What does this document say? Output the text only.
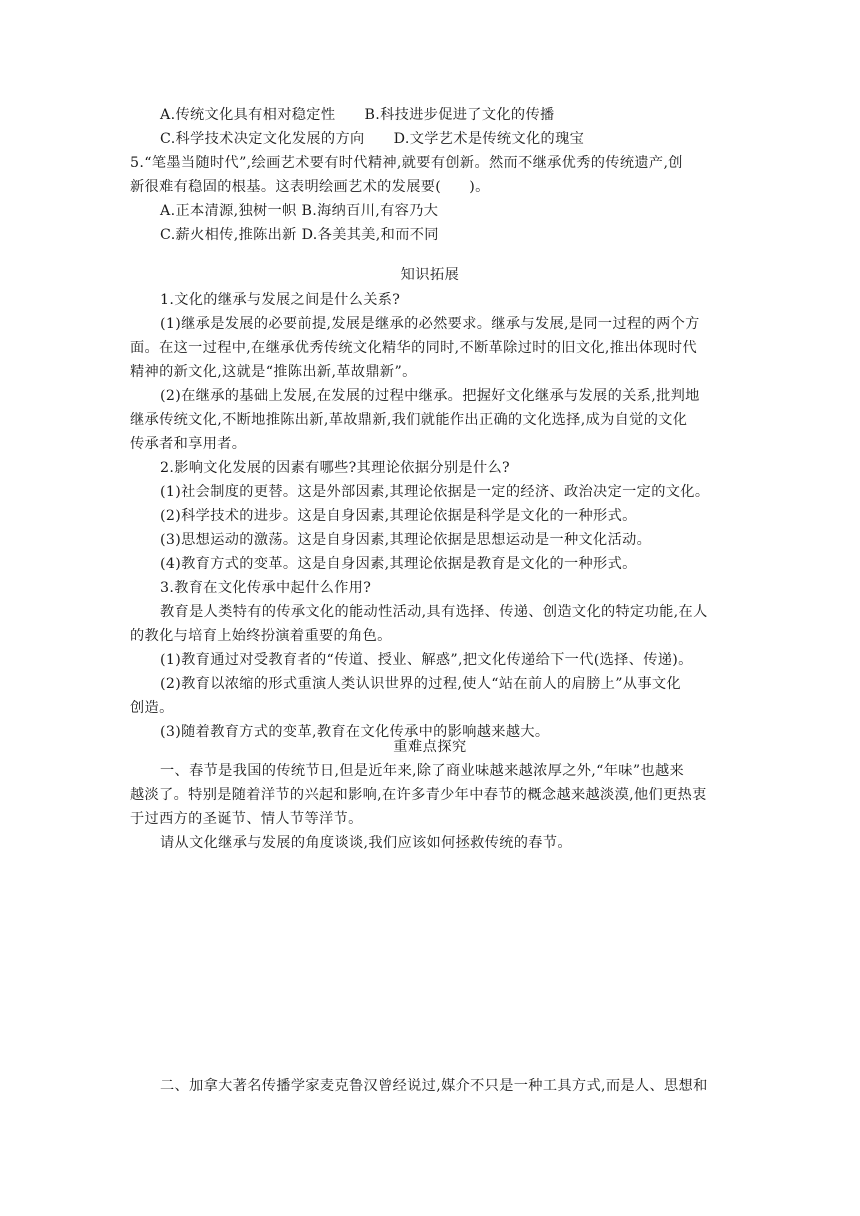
A.传统文化具有相对稳定性　　B.科技进步促进了文化的传播
C.科学技术决定文化发展的方向　　D.文学艺术是传统文化的瑰宝
5.“笔墨当随时代”,绘画艺术要有时代精神,就要有创新。然而不继承优秀的传统遗产,创
新很难有稳固的根基。这表明绘画艺术的发展要( )。
A.正本清源,独树一帜 B.海纳百川,有容乃大
C.薪火相传,推陈出新 D.各美其美,和而不同
知识拓展
1.文化的继承与发展之间是什么关系?
(1)继承是发展的必要前提,发展是继承的必然要求。继承与发展,是同一过程的两个方
面。在这一过程中,在继承优秀传统文化精华的同时,不断革除过时的旧文化,推出体现时代
精神的新文化,这就是“推陈出新,革故鼎新”。
(2)在继承的基础上发展,在发展的过程中继承。把握好文化继承与发展的关系,批判地
继承传统文化,不断地推陈出新,革故鼎新,我们就能作出正确的文化选择,成为自觉的文化
传承者和享用者。
2.影响文化发展的因素有哪些?其理论依据分别是什么?
(1)社会制度的更替。这是外部因素,其理论依据是一定的经济、政治决定一定的文化。
(2)科学技术的进步。这是自身因素,其理论依据是科学是文化的一种形式。
(3)思想运动的激荡。这是自身因素,其理论依据是思想运动是一种文化活动。
(4)教育方式的变革。这是自身因素,其理论依据是教育是文化的一种形式。
3.教育在文化传承中起什么作用?
教育是人类特有的传承文化的能动性活动,具有选择、传递、创造文化的特定功能,在人
的教化与培育上始终扮演着重要的角色。
(1)教育通过对受教育者的“传道、授业、解惑”,把文化传递给下一代(选择、传递)。
(2)教育以浓缩的形式重演人类认识世界的过程,使人“站在前人的肩膀上”从事文化
创造。
(3)随着教育方式的变革,教育在文化传承中的影响越来越大。
重难点探究
一、春节是我国的传统节日,但是近年来,除了商业味越来越浓厚之外,“年味”也越来
越淡了。特别是随着洋节的兴起和影响,在许多青少年中春节的概念越来越淡漠,他们更热衷
于过西方的圣诞节、情人节等洋节。
请从文化继承与发展的角度谈谈,我们应该如何拯救传统的春节。
二、加拿大著名传播学家麦克鲁汉曾经说过,媒介不只是一种工具方式,而是人、思想和
